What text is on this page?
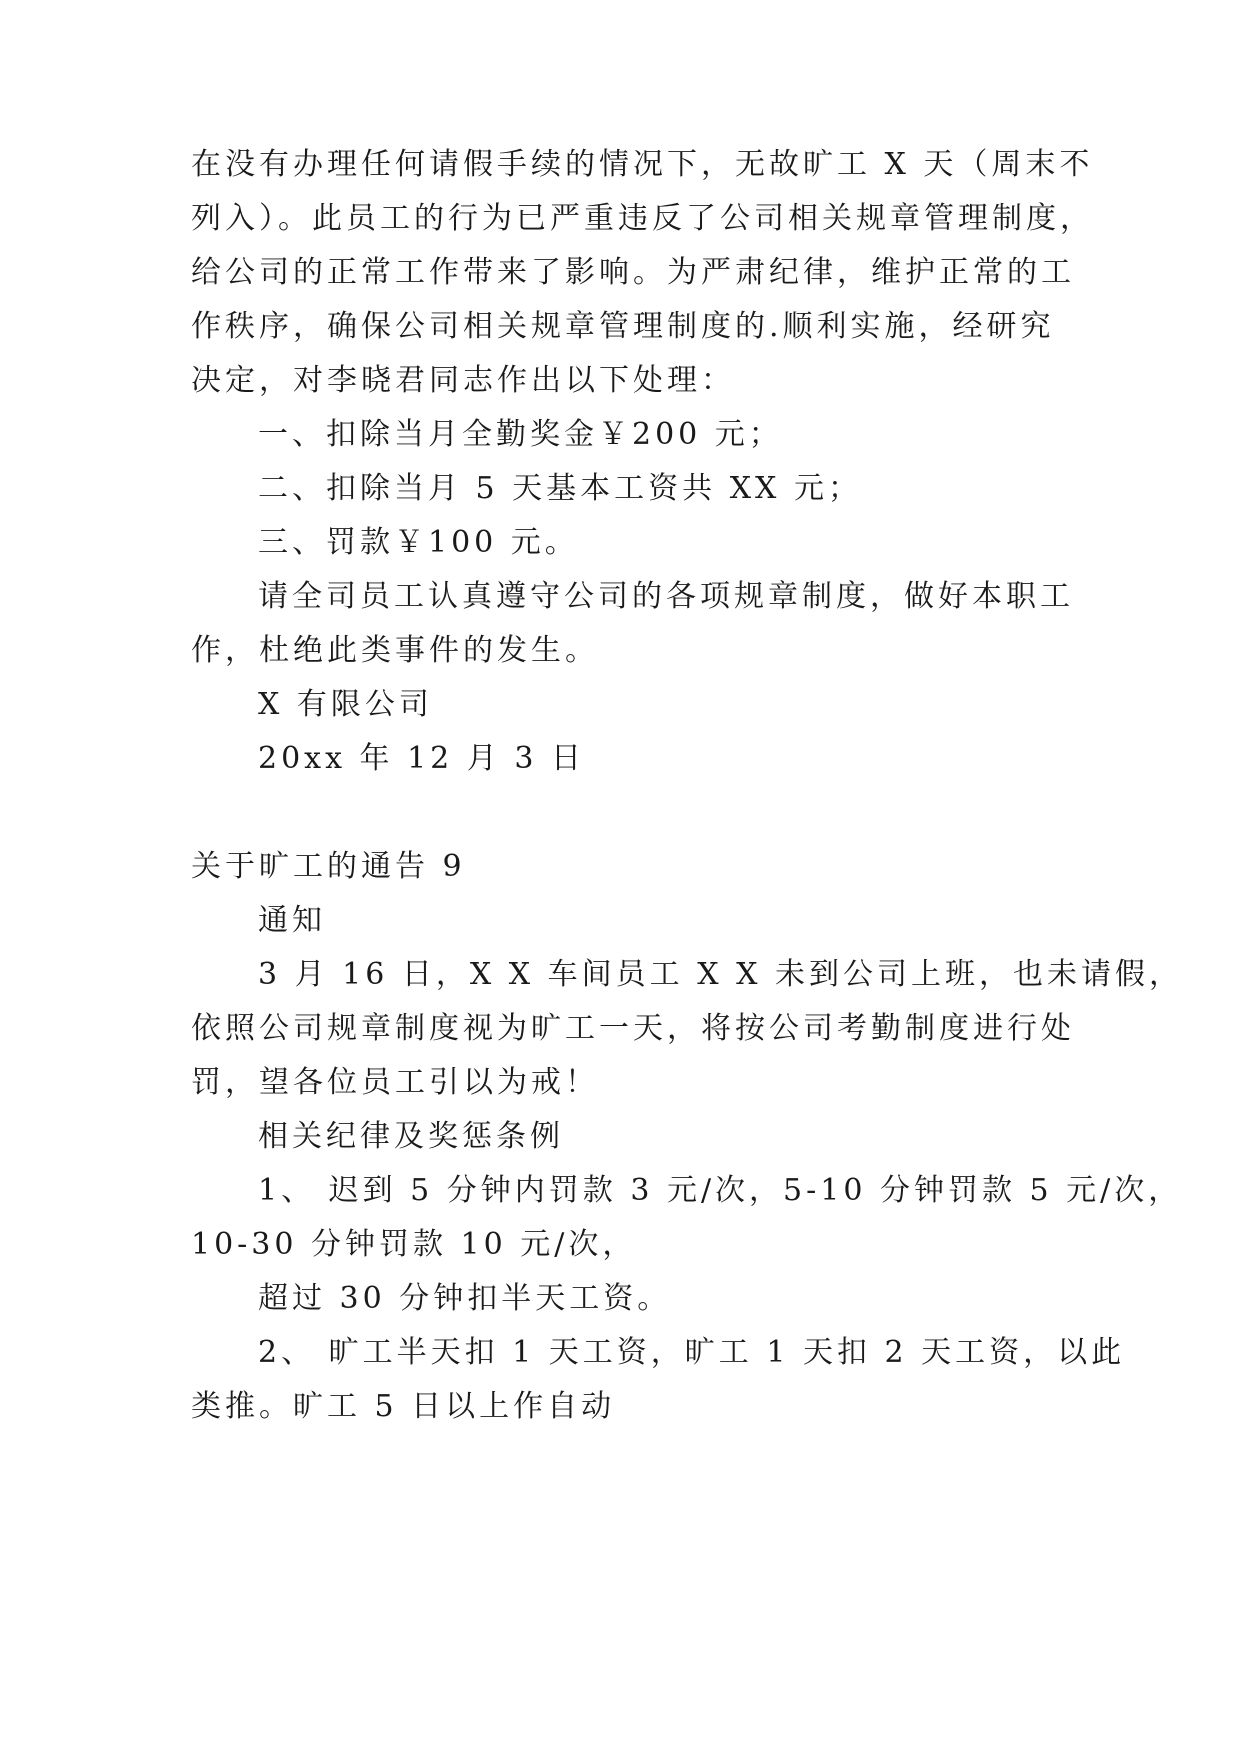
在没有办理任何请假手续的情况下，无故旷工 X 天（周末不
列入）。此员工的行为已严重违反了公司相关规章管理制度，
给公司的正常工作带来了影响。为严肃纪律，维护正常的工
作秩序，确保公司相关规章管理制度的.顺利实施，经研究
决定，对李晓君同志作出以下处理：
一、扣除当月全勤奖金￥200 元；
二、扣除当月 5 天基本工资共 XX 元；
三、罚款￥100 元。
请全司员工认真遵守公司的各项规章制度，做好本职工
作，杜绝此类事件的发生。
X 有限公司
20xx 年 12 月 3 日
关于旷工的通告 9
通知
3 月 16 日，X X 车间员工 X X 未到公司上班，也未请假，
依照公司规章制度视为旷工一天，将按公司考勤制度进行处
罚，望各位员工引以为戒！
相关纪律及奖惩条例
1、 迟到 5 分钟内罚款 3 元/次，5-10 分钟罚款 5 元/次，
10-30 分钟罚款 10 元/次，
超过 30 分钟扣半天工资。
2、 旷工半天扣 1 天工资，旷工 1 天扣 2 天工资，以此
类推。旷工 5 日以上作自动
